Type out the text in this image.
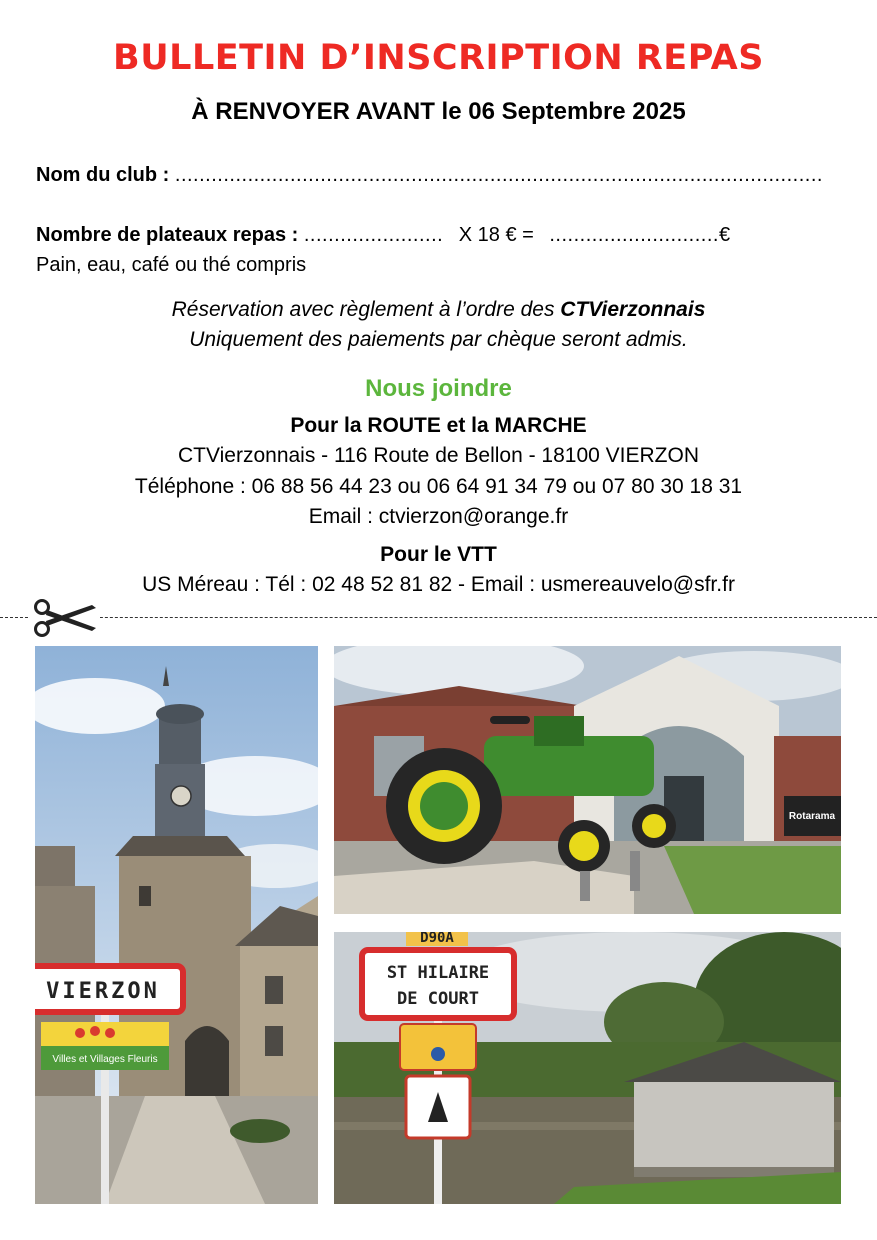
BULLETIN D’INSCRIPTION REPAS
À RENVOYER AVANT le 06 Septembre 2025
Nom du club : ...........................................................................................................
Nombre de plateaux repas : ....................... X 18 € = ............................€
Pain, eau, café ou thé compris
Réservation avec règlement à l’ordre des CTVierzonnais
Uniquement des paiements par chèque seront admis.
Nous joindre
Pour la ROUTE et la MARCHE
CTVierzonnais - 116 Route de Bellon - 18100 VIERZON
Téléphone : 06 88 56 44 23 ou 06 64 91 34 79 ou 07 80 30 18 31
Email : ctvierzon@orange.fr
Pour le VTT
US Méreau : Tél : 02 48 52 81 82 - Email : usmereauvelo@sfr.fr
VIERZON
Villes et Villages Fleuris
Rotarama
D90A
ST HILAIRE
DE COURT
